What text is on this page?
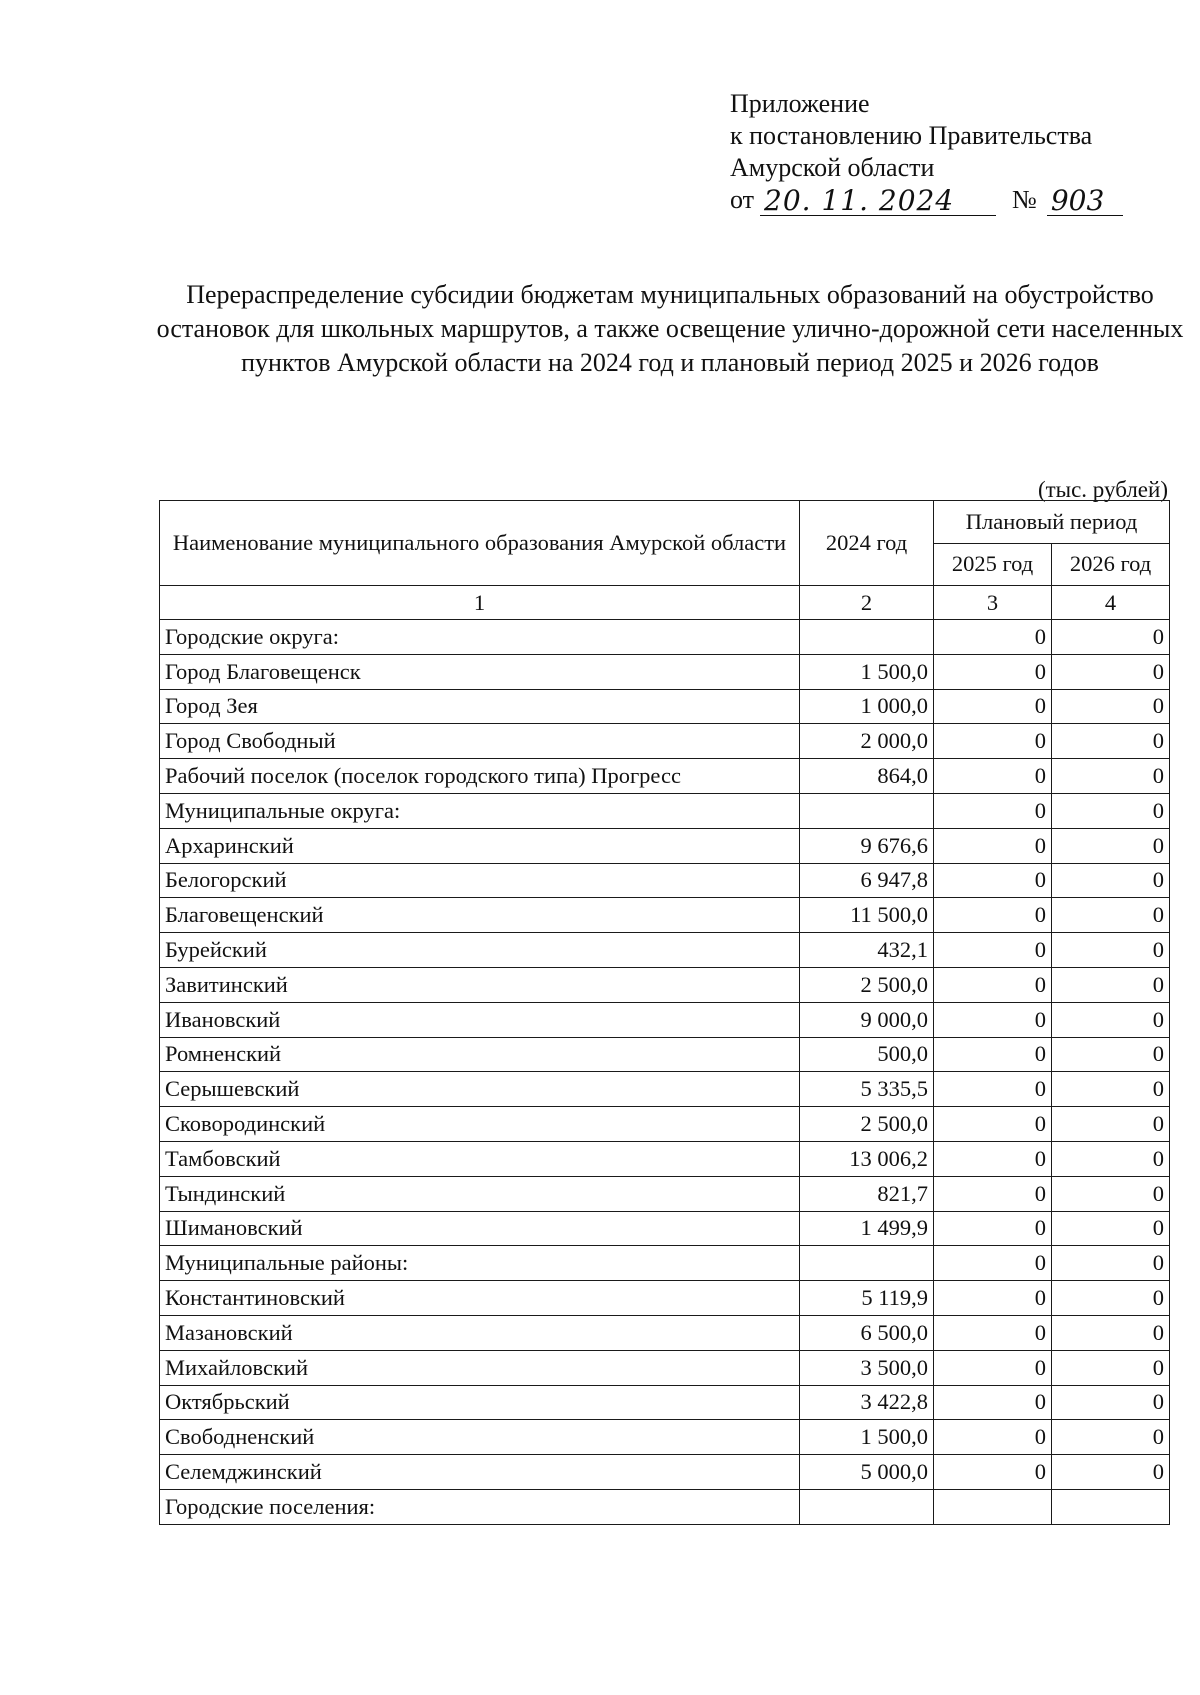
Приложение
к постановлению Правительства
Амурской области
от 20. 11. 2024	№ 903
Перераспределение субсидии бюджетам муниципальных образований на обустройство остановок для школьных маршрутов, а также освещение улично-дорожной сети населенных пунктов Амурской области на 2024 год и плановый период 2025 и 2026 годов
(тыс. рублей)
Наименование муниципального образования Амурской области	2024 год	Плановый период	
		2025 год	2026 год
1	2	3	4
Городские округа:		0	0
Город Благовещенск	1 500,0	0	0
Город Зея	1 000,0	0	0
Город Свободный	2 000,0	0	0
Рабочий поселок (поселок городского типа) Прогресс	864,0	0	0
Муниципальные округа:		0	0
Архаринский	9 676,6	0	0
Белогорский	6 947,8	0	0
Благовещенский	11 500,0	0	0
Бурейский	432,1	0	0
Завитинский	2 500,0	0	0
Ивановский	9 000,0	0	0
Ромненский	500,0	0	0
Серышевский	5 335,5	0	0
Сковородинский	2 500,0	0	0
Тамбовский	13 006,2	0	0
Тындинский	821,7	0	0
Шимановский	1 499,9	0	0
Муниципальные районы:		0	0
Константиновский	5 119,9	0	0
Мазановский	6 500,0	0	0
Михайловский	3 500,0	0	0
Октябрьский	3 422,8	0	0
Свободненский	1 500,0	0	0
Селемджинский	5 000,0	0	0
Городские поселения:			
